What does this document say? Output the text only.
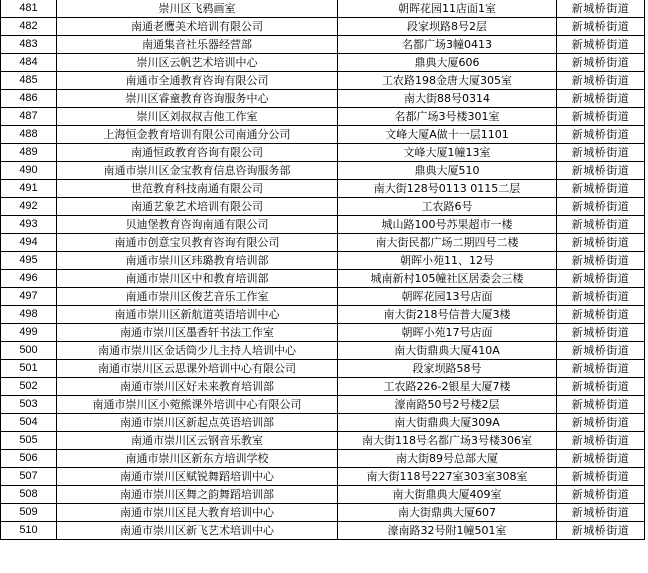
481	崇川区飞鸦画室	朝晖花园11店面1室	新城桥街道
482	南通老鹰美术培训有限公司	段家坝路8号2层	新城桥街道
483	南通集音社乐器经营部	名都广场3幢0413	新城桥街道
484	崇川区云帆艺术培训中心	鼎典大厦606	新城桥街道
485	南通市全通教育咨询有限公司	工农路198金唐大厦305室	新城桥街道
486	崇川区睿童教育咨询服务中心	南大街88号0314	新城桥街道
487	崇川区刘叔叔吉他工作室	名都广场3号楼301室	新城桥街道
488	上海恒金教育培训有限公司南通分公司	文峰大厦A做十一层1101	新城桥街道
489	南通恒政教育咨询有限公司	文峰大厦1幢13室	新城桥街道
490	南通市崇川区金宝教育信息咨询服务部	鼎典大厦510	新城桥街道
491	世范教育科技南通有限公司	南大街128号0113 0115二层	新城桥街道
492	南通艺象艺术培训有限公司	工农路6号	新城桥街道
493	贝迪堡教育咨询南通有限公司	城山路100号苏果超市一楼	新城桥街道
494	南通市创意宝贝教育咨询有限公司	南大街民都广场二期四号二楼	新城桥街道
495	南通市崇川区玮璐教育培训部	朝晖小苑11、12号	新城桥街道
496	南通市崇川区中和教育培训部	城南新村105幢社区居委会三楼	新城桥街道
497	南通市崇川区俊艺音乐工作室	朝晖花园13号店面	新城桥街道
498	南通市崇川区新航道英语培训中心	南大街218号信普大厦3楼	新城桥街道
499	南通市崇川区墨香轩书法工作室	朝晖小苑17号店面	新城桥街道
500	南通市崇川区金话筒少儿主持人培训中心	南大街鼎典大厦410A	新城桥街道
501	南通市崇川区云思课外培训中心有限公司	段家坝路58号	新城桥街道
502	南通市崇川区好未来教育培训部	工农路226-2银星大厦7楼	新城桥街道
503	南通市崇川区小菀熊课外培训中心有限公司	濠南路50号2号楼2层	新城桥街道
504	南通市崇川区新起点英语培训部	南大街鼎典大厦309A	新城桥街道
505	南通市崇川区云钢音乐教室	南大街118号名都广场3号楼306室	新城桥街道
506	南通市崇川区新东方培训学校	南大街89号总部大厦	新城桥街道
507	南通市崇川区赋锐舞蹈培训中心	南大街118号227室303室308室	新城桥街道
508	南通市崇川区舞之韵舞蹈培训部	南大街鼎典大厦409室	新城桥街道
509	南通市崇川区昆大教育培训中心	南大街鼎典大厦607	新城桥街道
510	南通市崇川区新飞艺术培训中心	濠南路32号附1幢501室	新城桥街道
